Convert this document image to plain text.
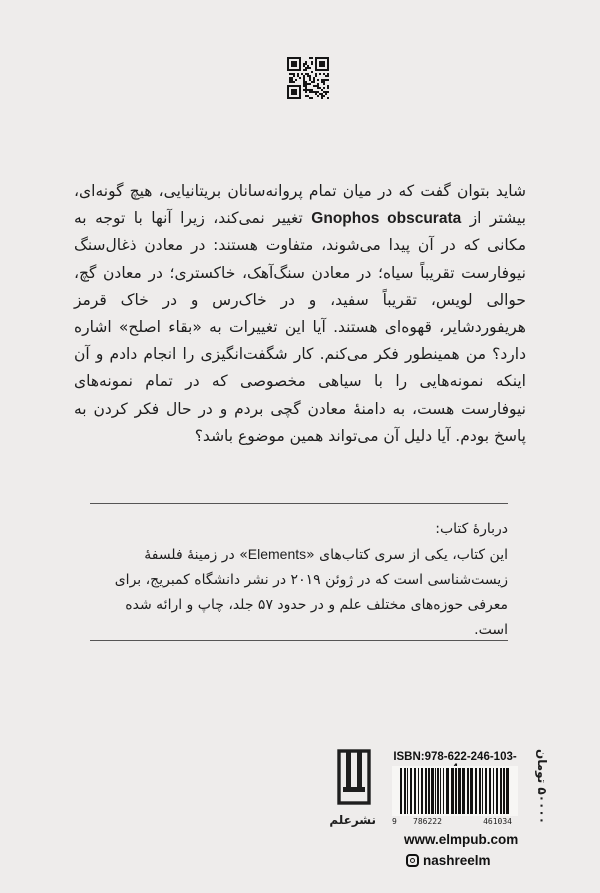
شاید بتوان گفت که در میان تمام پروانه‌سانان بریتانیایی، هیچ گونه‌ای، بیشتر از Gnophos obscurata تغییر نمی‌کند، زیرا آنها با توجه به مکانی که در آن پیدا می‌شوند، متفاوت هستند: در معادن ذغال‌سنگ نیوفارست تقریباً سیاه؛ در معادن سنگ‌آهک، خاکستری؛ در معادن گچ، حوالی لویس، تقریباً سفید، و در خاک‌رس و در خاک قرمز هریفوردشایر، قهوه‌ای هستند. آیا این تغییرات به «بقاء اصلح» اشاره دارد؟ من همینطور فکر می‌کنم. کار شگفت‌انگیزی را انجام دادم و آن اینکه نمونه‌هایی را با سیاهی مخصوصی که در تمام نمونه‌های نیوفارست هست، به دامنهٔ معادن گچی بردم و در حال فکر کردن به پاسخ بودم. آیا دلیل آن می‌تواند همین موضوع باشد؟

دربارهٔ کتاب:
این کتاب، یکی از سری کتاب‌های «Elements» در زمینهٔ فلسفهٔ زیست‌شناسی است که در ژوئن ۲۰۱۹ در نشر دانشگاه کمبریج، برای معرفی حوزه‌های مختلف علم و در حدود ۵۷ جلد، چاپ و ارائه شده است.
نشرعلم
ISBN:978-622-246-103-
9 786222	461034
۵۰۰۰۰ تومان
www.elmpub.com
nashreelm
